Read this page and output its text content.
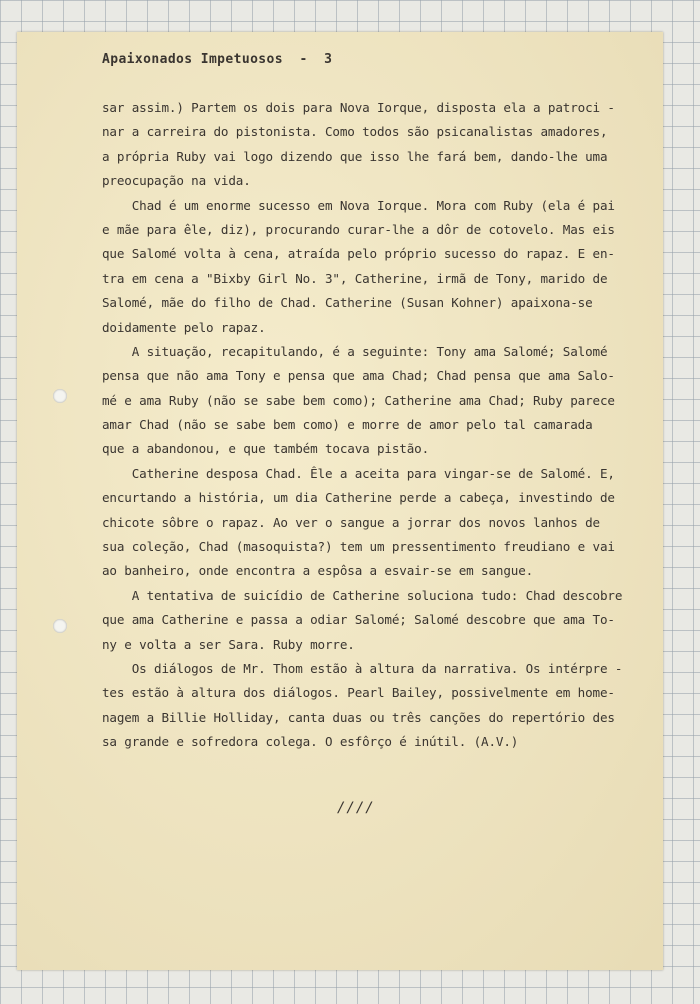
Apaixonados Impetuosos  -  3
sar assim.) Partem os dois para Nova Iorque, disposta ela a patroci -
nar a carreira do pistonista. Como todos são psicanalistas amadores,
a própria Ruby vai logo dizendo que isso lhe fará bem, dando-lhe uma
preocupação na vida.
Chad é um enorme sucesso em Nova Iorque. Mora com Ruby (ela é pai
e mãe para êle, diz), procurando curar-lhe a dôr de cotovelo. Mas eis
que Salomé volta à cena, atraída pelo próprio sucesso do rapaz. E en-
tra em cena a "Bixby Girl No. 3", Catherine, irmã de Tony, marido de
Salomé, mãe do filho de Chad. Catherine (Susan Kohner) apaixona-se
doidamente pelo rapaz.
A situação, recapitulando, é a seguinte: Tony ama Salomé; Salomé
pensa que não ama Tony e pensa que ama Chad; Chad pensa que ama Salo-
mé e ama Ruby (não se sabe bem como); Catherine ama Chad; Ruby parece
amar Chad (não se sabe bem como) e morre de amor pelo tal camarada
que a abandonou, e que também tocava pistão.
Catherine desposa Chad. Êle a aceita para vingar-se de Salomé. E,
encurtando a história, um dia Catherine perde a cabeça, investindo de
chicote sôbre o rapaz. Ao ver o sangue a jorrar dos novos lanhos de
sua coleção, Chad (masoquista?) tem um pressentimento freudiano e vai
ao banheiro, onde encontra a espôsa a esvair-se em sangue.
A tentativa de suicídio de Catherine soluciona tudo: Chad descobre
que ama Catherine e passa a odiar Salomé; Salomé descobre que ama To-
ny e volta a ser Sara. Ruby morre.
Os diálogos de Mr. Thom estão à altura da narrativa. Os intérpre -
tes estão à altura dos diálogos. Pearl Bailey, possivelmente em home-
nagem a Billie Holliday, canta duas ou três canções do repertório des
sa grande e sofredora colega. O esfôrço é inútil. (A.V.)
////
